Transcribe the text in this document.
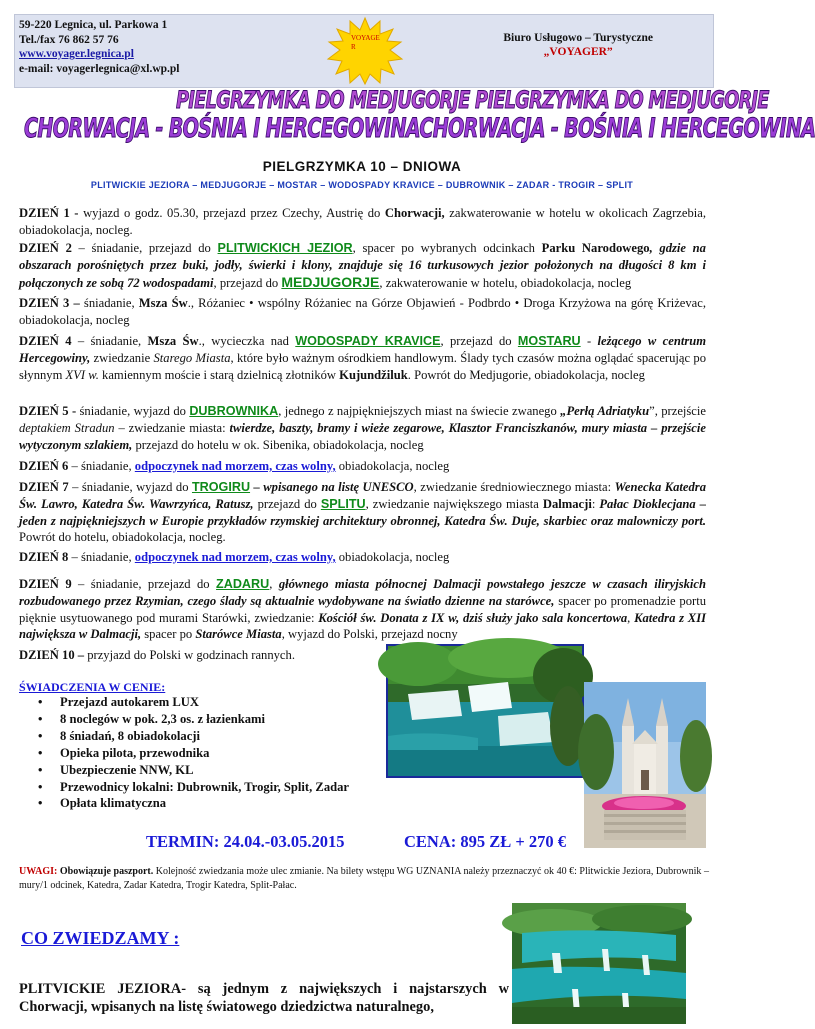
59-220 Legnica, ul. Parkowa 1
Tel./fax 76 862 57 76
www.voyager.legnica.pl
e-mail: voyagerlegnica@xl.wp.pl
VOYAGE R
Biuro Usługowo – Turystyczne
„VOYAGER”
PIELGRZYMKA DO MEDJUGORJE PIELGRZYMKA DO MEDJUGORJE
CHORWACJA - BOŚNIA I HERCEGOWINACHORWACJA - BOŚNIA I HERCEGOWINA
PIELGRZYMKA 10 – DNIOWA
PLITWICKIE JEZIORA – MEDJUGORJE – MOSTAR – WODOSPADY KRAVICE – DUBROWNIK – ZADAR - TROGIR – SPLIT
DZIEŃ 1 - wyjazd o godz. 05.30, przejazd przez Czechy, Austrię do Chorwacji, zakwaterowanie w hotelu w okolicach Zagrzebia, obiadokolacja, nocleg.
DZIEŃ 2 – śniadanie, przejazd do PLITWICKICH JEZIOR, spacer po wybranych odcinkach Parku Narodowego, gdzie na obszarach porośniętych przez buki, jodły, świerki i klony, znajduje się 16 turkusowych jezior położonych na długości 8 km i połączonych ze sobą 72 wodospadami, przejazd do MEDJUGORJE, zakwaterowanie w hotelu, obiadokolacja, nocleg
DZIEŃ 3 – śniadanie, Msza Św., Różaniec • wspólny Różaniec na Górze Objawień - Podbrdo • Droga Krzyżowa na górę Kriżevac, obiadokolacja, nocleg
DZIEŃ 4 – śniadanie, Msza Św., wycieczka nad WODOSPADY KRAVICE, przejazd do MOSTARU - leżącego w centrum Hercegowiny, zwiedzanie Starego Miasta, które było ważnym ośrodkiem handlowym. Ślady tych czasów można oglądać spacerując po słynnym XVI w. kamiennym moście i starą dzielnicą złotników Kujundžiluk. Powrót do Medjugorie, obiadokolacja, nocleg
DZIEŃ 5 - śniadanie, wyjazd do DUBROWNIKA, jednego z najpiękniejszych miast na świecie zwanego „Perłą Adriatyku”, przejście deptakiem Stradun – zwiedzanie miasta: twierdze, baszty, bramy i wieże zegarowe, Klasztor Franciszkanów, mury miasta – przejście wytyczonym szlakiem, przejazd do hotelu w ok. Sibenika, obiadokolacja, nocleg
DZIEŃ 6 – śniadanie, odpoczynek nad morzem, czas wolny, obiadokolacja, nocleg
DZIEŃ 7 – śniadanie, wyjazd do TROGIRU – wpisanego na listę UNESCO, zwiedzanie średniowiecznego miasta: Wenecka Katedra Św. Lawro, Katedra Św. Wawrzyńca, Ratusz, przejazd do SPLITU, zwiedzanie największego miasta Dalmacji: Pałac Dioklecjana – jeden z najpiękniejszych w Europie przykładów rzymskiej architektury obronnej, Katedra Św. Duje, skarbiec oraz malowniczy port. Powrót do hotelu, obiadokolacja, nocleg.
DZIEŃ 8 – śniadanie, odpoczynek nad morzem, czas wolny, obiadokolacja, nocleg
DZIEŃ 9 – śniadanie, przejazd do ZADARU, głównego miasta północnej Dalmacji powstałego jeszcze w czasach iliryjskich rozbudowanego przez Rzymian, czego ślady są aktualnie wydobywane na światło dzienne na starówce, spacer po promenadzie portu pięknie usytuowanego pod murami Starówki, zwiedzanie: Kościół św. Donata z IX w, dziś służy jako sala koncertowa, Katedra z XII największa w Dalmacji, spacer po Starówce Miasta, wyjazd do Polski, przejazd nocny
DZIEŃ 10 – przyjazd do Polski w godzinach rannych.
ŚWIADCZENIA W CENIE:
• Przejazd autokarem LUX
• 8 noclegów w pok. 2,3 os. z łazienkami
• 8 śniadań, 8 obiadokolacji
• Opieka pilota, przewodnika
• Ubezpieczenie NNW, KL
• Przewodnicy lokalni: Dubrownik, Trogir, Split, Zadar
• Opłata klimatyczna
TERMIN: 24.04.-03.05.2015	CENA: 895 ZŁ + 270 €
UWAGI: Obowiązuje paszport. Kolejność zwiedzania może ulec zmianie. Na bilety wstępu WG UZNANIA należy przeznaczyć ok 40 €: Plitwickie Jeziora, Dubrownik – mury/1 odcinek, Katedra, Zadar Katedra, Trogir Katedra, Split-Pałac.
CO ZWIEDZAMY :
PLITVICKIE JEZIORA- są jednym z największych i najstarszych w Chorwacji, wpisanych na listę światowego dziedzictwa naturalnego,
